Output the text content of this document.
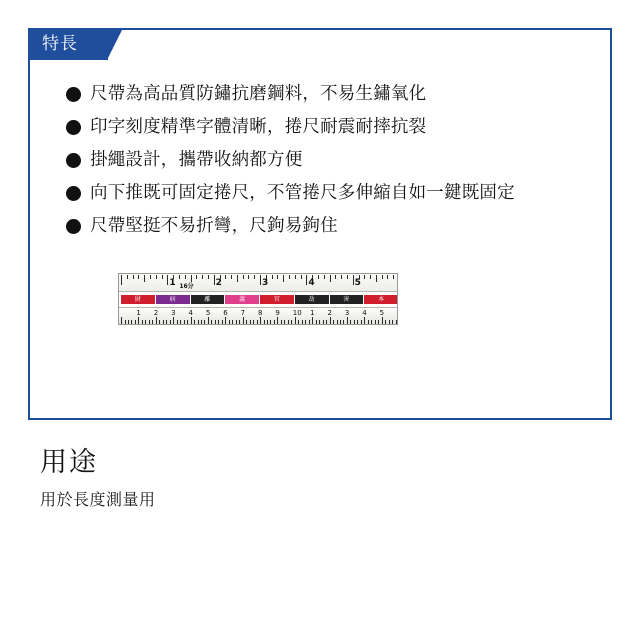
特長
尺帶為高品質防鏽抗磨鋼料，不易生鏽氧化
印字刻度精準字體清晰，捲尺耐震耐摔抗裂
掛繩設計，攜帶收納都方便
向下推既可固定捲尺，不管捲尺多伸縮自如一鍵既固定
尺帶堅挺不易折彎，尺鉤易鉤住
1	2	3	4	5
16分
財	病	離	義	官	劫	害	本
1 2 3 4 5 6 7 8 9 10 1 2 3 4 5
用途
用於長度測量用
